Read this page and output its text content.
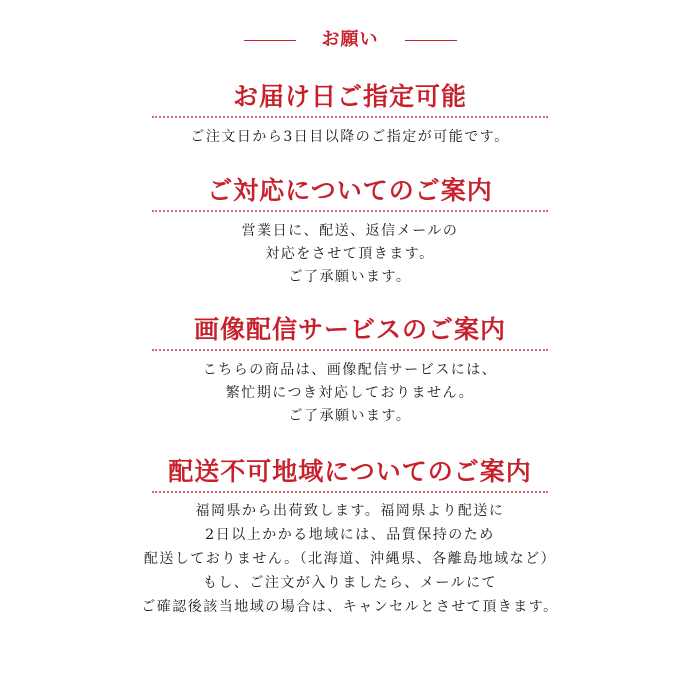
お願い
お届け日ご指定可能
ご注文日から3日目以降のご指定が可能です。
ご対応についてのご案内
営業日に、配送、返信メールの
対応をさせて頂きます。
ご了承願います。
画像配信サービスのご案内
こちらの商品は、画像配信サービスには、
繁忙期につき対応しておりません。
ご了承願います。
配送不可地域についてのご案内
福岡県から出荷致します。福岡県より配送に
2日以上かかる地域には、品質保持のため
配送しておりません。（北海道、沖縄県、各離島地域など）
もし、ご注文が入りましたら、メールにて
ご確認後該当地域の場合は、キャンセルとさせて頂きます。
